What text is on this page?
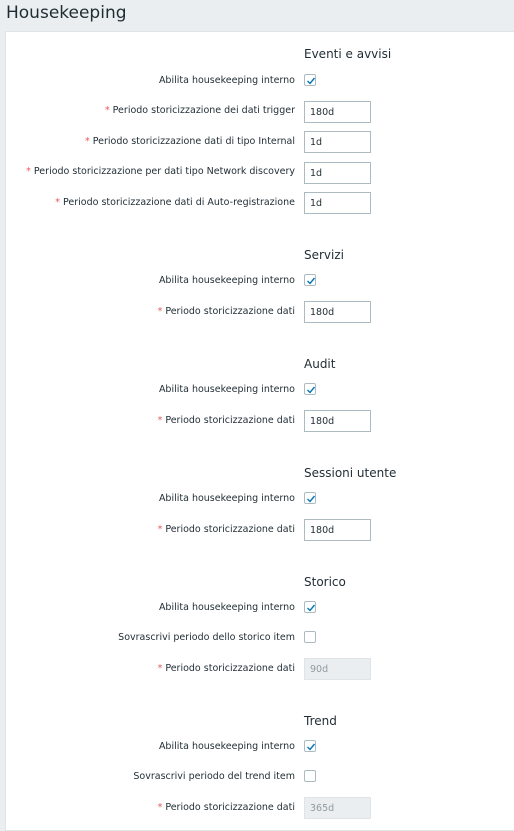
Housekeeping
Eventi e avvisi
Abilita housekeeping interno
* Periodo storicizzazione dei dati trigger
180d
* Periodo storicizzazione dati di tipo Internal
1d
* Periodo storicizzazione per dati tipo Network discovery
1d
* Periodo storicizzazione dati di Auto-registrazione
1d
Servizi
Abilita housekeeping interno
* Periodo storicizzazione dati
180d
Audit
Abilita housekeeping interno
* Periodo storicizzazione dati
180d
Sessioni utente
Abilita housekeeping interno
* Periodo storicizzazione dati
180d
Storico
Abilita housekeeping interno
Sovrascrivi periodo dello storico item
* Periodo storicizzazione dati
90d
Trend
Abilita housekeeping interno
Sovrascrivi periodo del trend item
* Periodo storicizzazione dati
365d
